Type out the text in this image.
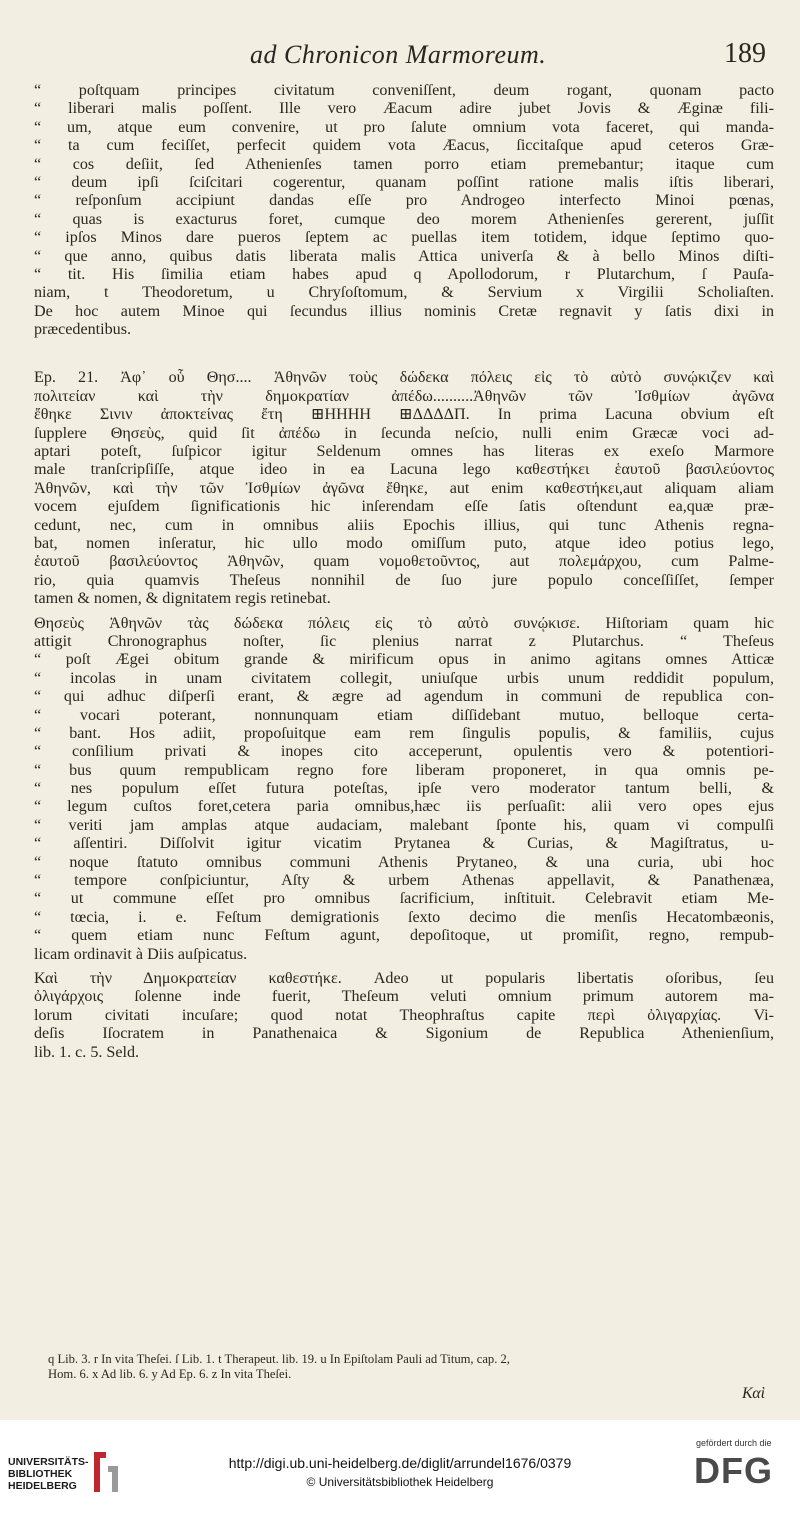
ad Chronicon Marmoreum.	189
“ poſtquam principes civitatum conveniſſent, deum rogant, quonam pacto
“ liberari malis poſſent. Ille vero Æacum adire jubet Jovis & Æginæ fili-
“ um, atque eum convenire, ut pro ſalute omnium vota faceret, qui manda-
“ ta cum feciſſet, perfecit quidem vota Æacus, ſiccitaſque apud ceteros Græ-
“ cos deſiit, ſed Athenienſes tamen porro etiam premebantur; itaque cum
“ deum ipſi ſciſcitari cogerentur, quanam poſſint ratione malis iſtis liberari,
“ reſponſum accipiunt dandas eſſe pro Androgeo interfecto Minoi pœnas,
“ quas is exacturus foret, cumque deo morem Athenienſes gererent, juſſit
“ ipſos Minos dare pueros ſeptem ac puellas item totidem, idque ſeptimo quo-
“ que anno, quibus datis liberata malis Attica univerſa & à bello Minos diſti-
“ tit. His ſimilia etiam habes apud q Apollodorum, r Plutarchum, ſ Pauſa-
niam, t Theodoretum, u Chryſoſtomum, & Servium x Virgilii Scholiaſten.
De hoc autem Minoe qui ſecundus illius nominis Cretæ regnavit y ſatis dixi in
præcedentibus.
Ep. 21. Ἀφ᾽ οὗ Θησ.... Ἀθηνῶν τοὺς δώδεκα πόλεις εἰς τὸ αὐτὸ συνῴκιζεν καὶ
πολιτείαν καὶ τὴν δημοκρατίαν ἀπέδω..........Ἀθηνῶν τῶν Ἰσθμίων ἀγῶνα
ἔθηκε Σινιν ἀποκτείνας ἔτη ⊞HHHH ⊞ΔΔΔΔΠ. In prima Lacuna obvium eſt
ſupplere Θησεὺς, quid ſit ἀπέδω in ſecunda neſcio, nulli enim Græcæ voci ad-
aptari poteſt, ſuſpicor igitur Seldenum omnes has literas ex exeſo Marmore
male tranſcripſiſſe, atque ideo in ea Lacuna lego καθεστήκει ἑαυτοῦ βασιλεύοντος
Ἀθηνῶν, καὶ τὴν τῶν Ἰσθμίων ἀγῶνα ἔθηκε, aut enim καθεστήκει,aut aliquam aliam
vocem ejuſdem ſignificationis hic inſerendam eſſe ſatis oſtendunt ea,quæ præ-
cedunt, nec, cum in omnibus aliis Epochis illius, qui tunc Athenis regna-
bat, nomen inſeratur, hic ullo modo omiſſum puto, atque ideo potius lego,
ἑαυτοῦ βασιλεύοντος Ἀθηνῶν, quam νομοθετοῦντος, aut πολεμάρχου, cum Palme-
rio, quia quamvis Theſeus nonnihil de ſuo jure populo conceſſiſſet, ſemper
tamen & nomen, & dignitatem regis retinebat.
Θησεὺς Ἀθηνῶν τὰς δώδεκα πόλεις εἰς τὸ αὐτὸ συνῴκισε. Hiſtoriam quam hic
attigit Chronographus noſter, ſic plenius narrat z Plutarchus. “ Theſeus
“ poſt Ægei obitum grande & mirificum opus in animo agitans omnes Atticæ
“ incolas in unam civitatem collegit, uniuſque urbis unum reddidit populum,
“ qui adhuc diſperſi erant, & ægre ad agendum in communi de republica con-
“ vocari poterant, nonnunquam etiam diſſidebant mutuo, belloque certa-
“ bant. Hos adiit, propoſuitque eam rem ſingulis populis, & familiis, cujus
“ conſilium privati & inopes cito acceperunt, opulentis vero & potentiori-
“ bus quum rempublicam regno fore liberam proponeret, in qua omnis pe-
“ nes populum eſſet futura poteſtas, ipſe vero moderator tantum belli, &
“ legum cuſtos foret,cetera paria omnibus,hæc iis perſuaſit: alii vero opes ejus
“ veriti jam amplas atque audaciam, malebant ſponte his, quam vi compulſi
“ aſſentiri. Diſſolvit igitur vicatim Prytanea & Curias, & Magiſtratus, u-
“ noque ſtatuto omnibus communi Athenis Prytaneo, & una curia, ubi hoc
“ tempore conſpiciuntur, Aſty & urbem Athenas appellavit, & Panathenæa,
“ ut commune eſſet pro omnibus ſacrificium, inſtituit. Celebravit etiam Me-
“ tœcia, i. e. Feſtum demigrationis ſexto decimo die menſis Hecatombæonis,
“ quem etiam nunc Feſtum agunt, depoſitoque, ut promiſit, regno, rempub-
licam ordinavit à Diis auſpicatus.
Καὶ τὴν Δημοκρατείαν καθεστήκε. Adeo ut popularis libertatis oſoribus, ſeu
ὀλιγάρχοις ſolenne inde fuerit, Theſeum veluti omnium primum autorem ma-
lorum civitati incuſare; quod notat Theophraſtus capite περὶ ὀλιγαρχίας. Vi-
deſis Iſocratem in Panathenaica & Sigonium de Republica Athenienſium,
lib. 1. c. 5. Seld.
q Lib. 3. r In vita Theſei. ſ Lib. 1. t Therapeut. lib. 19. u In Epiſtolam Pauli ad Titum, cap. 2,
Hom. 6. x Ad lib. 6. y Ad Ep. 6. z In vita Theſei.
Καὶ
UNIVERSITÄTS- BIBLIOTHEK HEIDELBERG
http://digi.ub.uni-heidelberg.de/diglit/arrundel1676/0379
© Universitätsbibliothek Heidelberg
gefördert durch die
DFG
